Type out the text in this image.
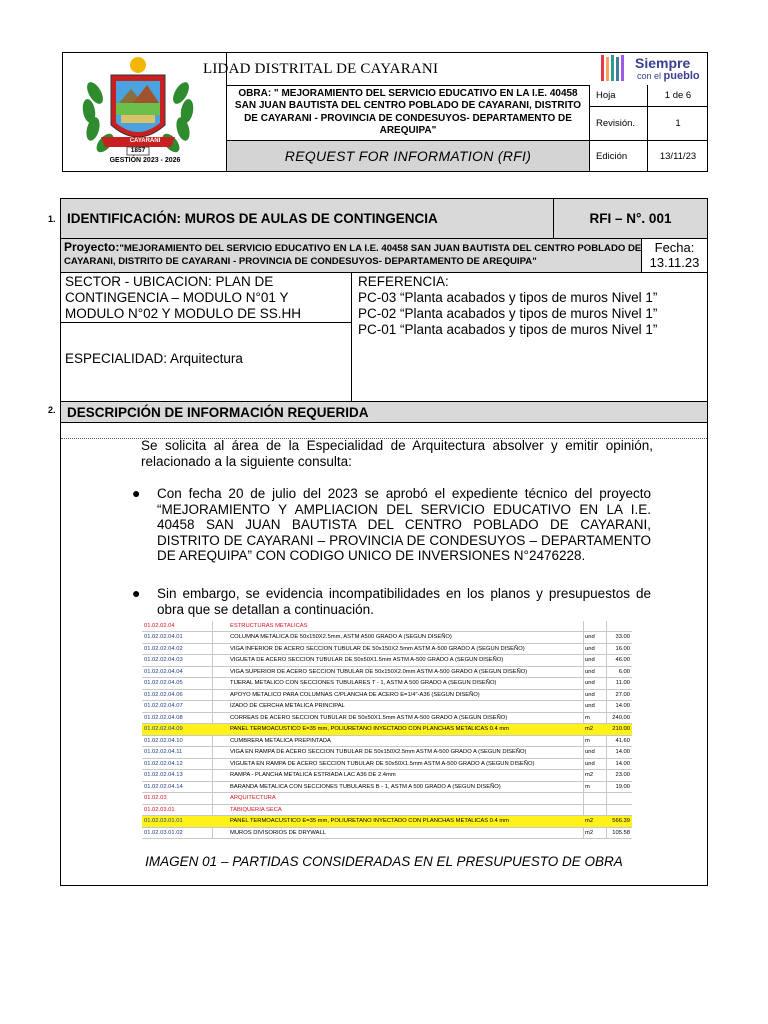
CAYARANI
1857
GESTIÓN 2023 - 2026
LIDAD DISTRITAL DE CAYARANI	Siempre
con el pueblo
OBRA: " MEJORAMIENTO DEL SERVICIO EDUCATIVO EN LA I.E. 40458 SAN JUAN BAUTISTA DEL CENTRO POBLADO DE CAYARANI, DISTRITO DE CAYARANI - PROVINCIA DE CONDESUYOS- DEPARTAMENTO DE AREQUIPA"
REQUEST FOR INFORMATION (RFI)
Hoja	1 de 6
Revisión.	1
Edición	13/11/23
1.
2.
IDENTIFICACIÓN: MUROS DE AULAS DE CONTINGENCIA	RFI – N°. 001
Proyecto:"MEJORAMIENTO DEL SERVICIO EDUCATIVO EN LA I.E. 40458 SAN JUAN BAUTISTA DEL CENTRO POBLADO DE CAYARANI, DISTRITO DE CAYARANI - PROVINCIA DE CONDESUYOS- DEPARTAMENTO DE AREQUIPA"
Fecha:
13.11.23
SECTOR - UBICACION: PLAN DE CONTINGENCIA – MODULO N°01 Y MODULO N°02 Y MODULO DE SS.HH
ESPECIALIDAD: Arquitectura
REFERENCIA:
PC-03 “Planta acabados y tipos de muros Nivel 1”
PC-02 “Planta acabados y tipos de muros Nivel 1”
PC-01 “Planta acabados y tipos de muros Nivel 1”
DESCRIPCIÓN DE INFORMACIÓN REQUERIDA
Se solicita al área de la Especialidad de Arquitectura absolver y emitir opinión, relacionado a la siguiente consulta:
● Con fecha 20 de julio del 2023 se aprobó el expediente técnico del proyecto “MEJORAMIENTO Y AMPLIACION DEL SERVICIO EDUCATIVO EN LA I.E. 40458 SAN JUAN BAUTISTA DEL CENTRO POBLADO DE CAYARANI, DISTRITO DE CAYARANI – PROVINCIA DE CONDESUYOS – DEPARTAMENTO DE AREQUIPA” CON CODIGO UNICO DE INVERSIONES N°2476228.
● Sin embargo, se evidencia incompatibilidades en los planos y presupuestos de obra que se detallan a continuación.
01.02.02.04	ESTRUCTURAS METALICAS
01.02.02.04.01	COLUMNA METALICA DE 50x150X2.5mm, ASTM A500 GRADO A (SEGUN DISEÑO)	und	33.00
01.02.02.04.02	VIGA INFERIOR DE ACERO SECCION TUBULAR DE 50x150X2.5mm ASTM A-500 GRADO A (SEGUN DISEÑO)	und	16.00
01.02.02.04.03	VIGUETA DE ACERO SECCION TUBULAR DE 50x50X1.5mm ASTM A-500 GRADO A (SEGUN DISEÑO)	und	46.00
01.02.02.04.04	VIGA SUPERIOR DE ACERO SECCION TUBULAR DE 50x150X2.0mm ASTM A-500 GRADO A (SEGUN DISEÑO)	und	6.00
01.02.02.04.05	TIJERAL METALICO CON SECCIONES TUBULARES T - 1, ASTM A 500 GRADO A (SEGUN DISEÑO)	und	11.00
01.02.02.04.06	APOYO METALICO PARA COLUMNAS C/PLANCHA DE ACERO E=1/4"-A36 (SEGUN DISEÑO)	und	27.00
01.02.02.04.07	IZADO DE CERCHA METALICA PRINCIPAL	und	14.00
01.02.02.04.08	CORREAS DE ACERO SECCION TUBULAR DE 50x50X1.5mm ASTM A-500 GRADO A (SEGUN DISEÑO)	m	240.00
01.02.02.04.09	PANEL TERMOACUSTICO E=35 mm, POLIURETANO INYECTADO CON PLANCHAS METALICAS 0.4 mm	m2	210.00
01.02.02.04.10	CUMBRERA METALICA PREPINTADA	m	41.60
01.02.02.04.11	VIGA EN RAMPA DE ACERO SECCION TUBULAR DE 50x150X2.5mm ASTM A-500 GRADO A (SEGUN DISEÑO)	und	14.00
01.02.02.04.12	VIGUETA EN RAMPA DE ACERO SECCION TUBULAR DE 50x50X1.5mm ASTM A-500 GRADO A (SEGUN DISEÑO)	und	14.00
01.02.02.04.13	RAMPA - PLANCHA METALICA ESTRIADA LAC A36 DE 2.4mm	m2	23.00
01.02.02.04.14	BARANDA METALICA CON SECCIONES TUBULARES B - 1, ASTM A 500 GRADO A (SEGUN DISEÑO)	m	19.00
01.02.03	ARQUITECTURA
01.02.03.01	TABIQUERIA SECA
01.02.03.01.01	PANEL TERMOACUSTICO E=35 mm, POLIURETANO INYECTADO CON PLANCHAS METALICAS 0.4 mm	m2	566.39
01.02.03.01.02	MUROS DIVISORIOS DE DRYWALL	m2	105.58
IMAGEN 01 – PARTIDAS CONSIDERADAS EN EL PRESUPUESTO DE OBRA
